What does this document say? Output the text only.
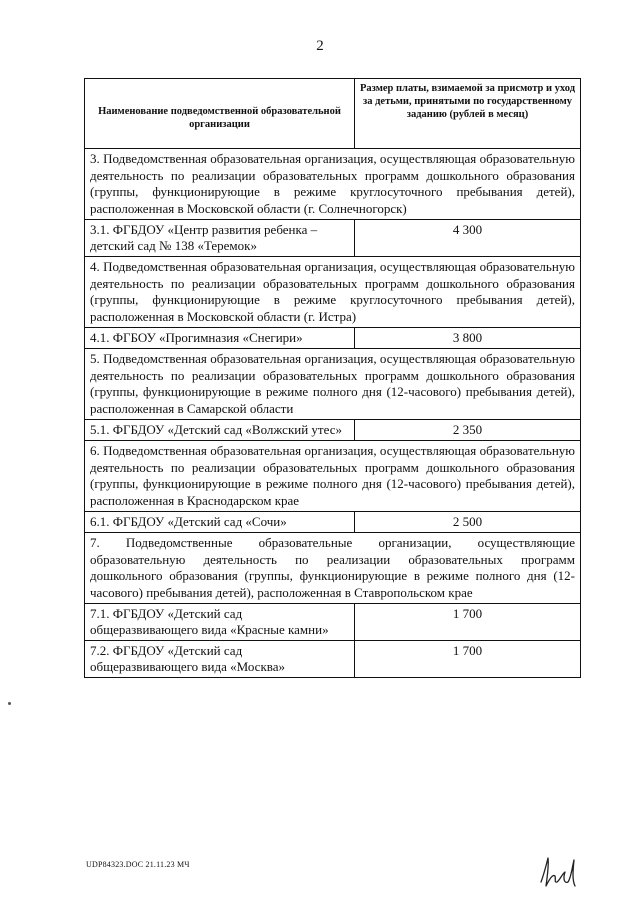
2
Наименование подведомственной образовательной организации	Размер платы, взимаемой за присмотр и уход за детьми, принятыми по государственному заданию (рублей в месяц)
3. Подведомственная образовательная организация, осуществляющая образовательную деятельность по реализации образовательных программ дошкольного образования (группы, функционирующие в режиме круглосуточного пребывания детей), расположенная в Московской области (г. Солнечногорск)	
3.1. ФГБДОУ «Центр развития ребенка – детский сад № 138 «Теремок»	4 300
4. Подведомственная образовательная организация, осуществляющая образовательную деятельность по реализации образовательных программ дошкольного образования (группы, функционирующие в режиме круглосуточного пребывания детей), расположенная в Московской области (г. Истра)	
4.1. ФГБОУ «Прогимназия «Снегири»	3 800
5. Подведомственная образовательная организация, осуществляющая образовательную деятельность по реализации образовательных программ дошкольного образования (группы, функционирующие в режиме полного дня (12-часового) пребывания детей), расположенная в Самарской области	
5.1. ФГБДОУ «Детский сад «Волжский утес»	2 350
6. Подведомственная образовательная организация, осуществляющая образовательную деятельность по реализации образовательных программ дошкольного образования (группы, функционирующие в режиме полного дня (12-часового) пребывания детей), расположенная в Краснодарском крае	
6.1. ФГБДОУ «Детский сад «Сочи»	2 500
7. Подведомственные образовательные организации, осуществляющие образовательную деятельность по реализации образовательных программ дошкольного образования (группы, функционирующие в режиме полного дня (12-часового) пребывания детей), расположенная в Ставропольском крае	
7.1. ФГБДОУ «Детский сад общеразвивающего вида «Красные камни»	1 700
7.2. ФГБДОУ «Детский сад общеразвивающего вида «Москва»	1 700
UDP84323.DOC 21.11.23 МЧ
